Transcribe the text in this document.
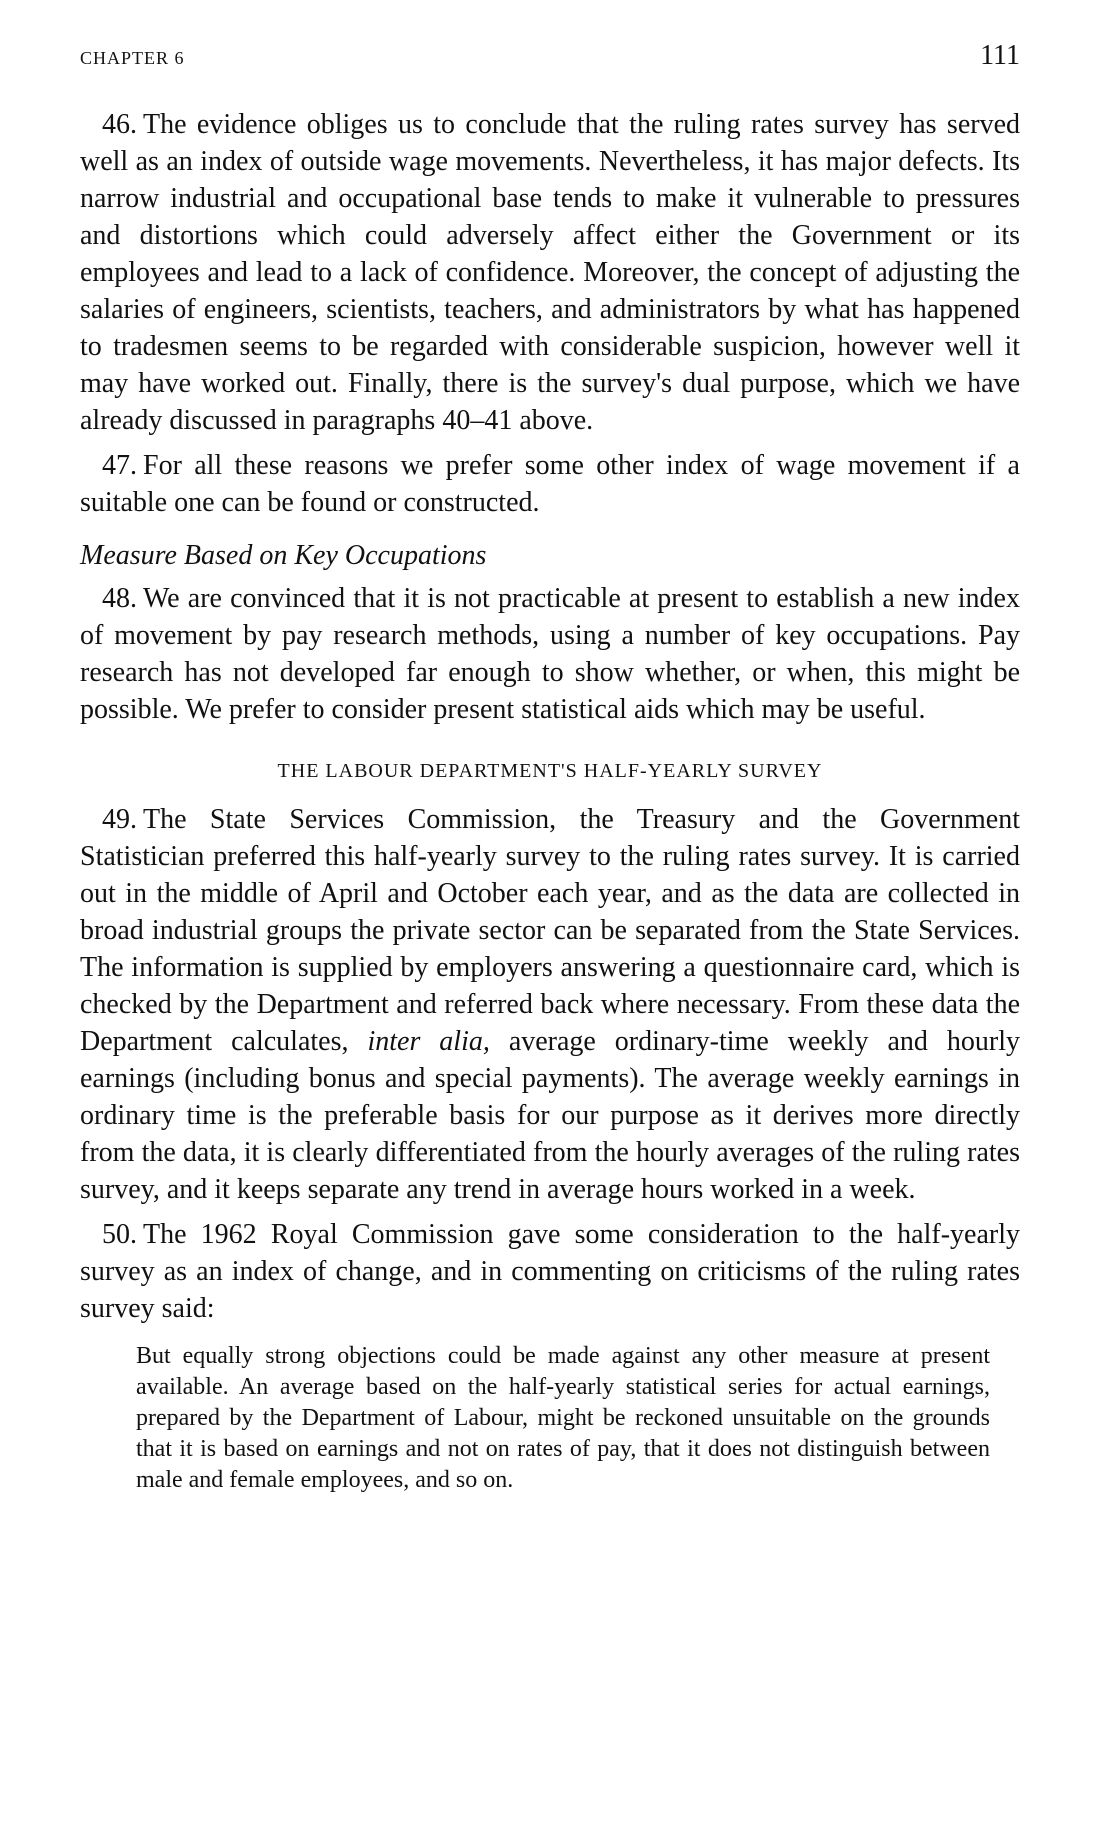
CHAPTER 6	111

46. The evidence obliges us to conclude that the ruling rates survey has served well as an index of outside wage movements. Nevertheless, it has major defects. Its narrow industrial and occupational base tends to make it vulnerable to pressures and distortions which could adversely affect either the Government or its employees and lead to a lack of confidence. Moreover, the concept of adjusting the salaries of engineers, scientists, teachers, and administrators by what has happened to tradesmen seems to be regarded with considerable suspicion, however well it may have worked out. Finally, there is the survey's dual purpose, which we have already discussed in paragraphs 40–41 above.

47. For all these reasons we prefer some other index of wage movement if a suitable one can be found or constructed.

Measure Based on Key Occupations

48. We are convinced that it is not practicable at present to establish a new index of movement by pay research methods, using a number of key occupations. Pay research has not developed far enough to show whether, or when, this might be possible. We prefer to consider present statistical aids which may be useful.

THE LABOUR DEPARTMENT'S HALF-YEARLY SURVEY

49. The State Services Commission, the Treasury and the Government Statistician preferred this half-yearly survey to the ruling rates survey. It is carried out in the middle of April and October each year, and as the data are collected in broad industrial groups the private sector can be separated from the State Services. The information is supplied by employers answering a questionnaire card, which is checked by the Department and referred back where necessary. From these data the Department calculates, inter alia, average ordinary-time weekly and hourly earnings (including bonus and special payments). The average weekly earnings in ordinary time is the preferable basis for our purpose as it derives more directly from the data, it is clearly differentiated from the hourly averages of the ruling rates survey, and it keeps separate any trend in average hours worked in a week.

50. The 1962 Royal Commission gave some consideration to the half-yearly survey as an index of change, and in commenting on criticisms of the ruling rates survey said:

But equally strong objections could be made against any other measure at present available. An average based on the half-yearly statistical series for actual earnings, prepared by the Department of Labour, might be reckoned unsuitable on the grounds that it is based on earnings and not on rates of pay, that it does not distinguish between male and female employees, and so on.
